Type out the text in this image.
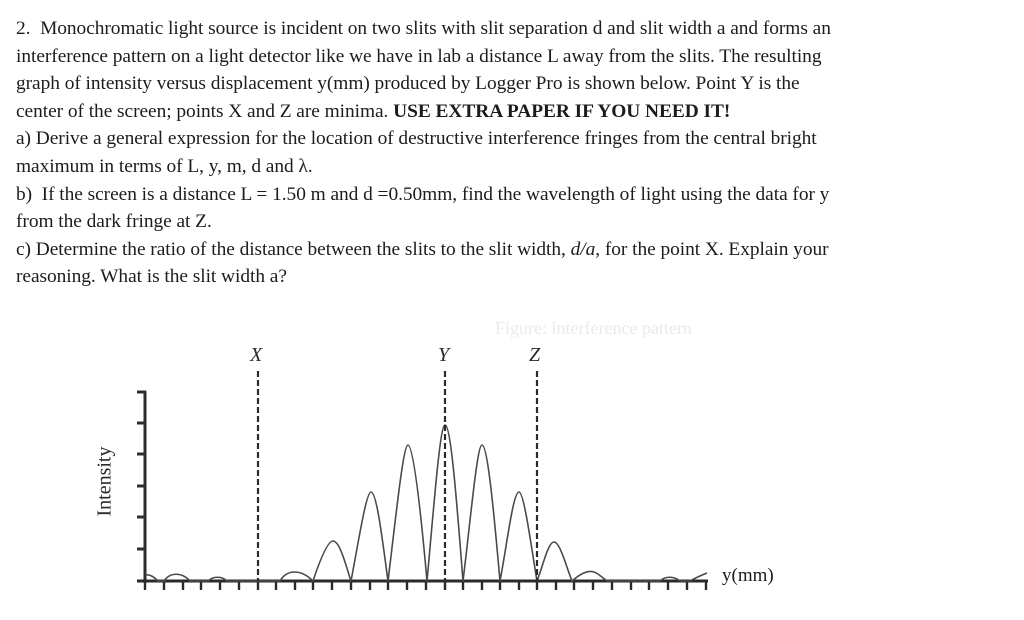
2. Monochromatic light source is incident on two slits with slit separation d and slit width a and forms an
interference pattern on a light detector like we have in lab a distance L away from the slits. The resulting
graph of intensity versus displacement y(mm) produced by Logger Pro is shown below. Point Y is the
center of the screen; points X and Z are minima. USE EXTRA PAPER IF YOU NEED IT!

a) Derive a general expression for the location of destructive interference fringes from the central bright
maximum in terms of L, y, m, d and λ.

b) If the screen is a distance L = 1.50 m and d =0.50mm, find the wavelength of light using the data for y
from the dark fringe at Z.

c) Determine the ratio of the distance between the slits to the slit width, d/a, for the point X. Explain your
reasoning. What is the slit width a?

Figure: interference pattern
X	Y	Z
Intensity
y(mm)
